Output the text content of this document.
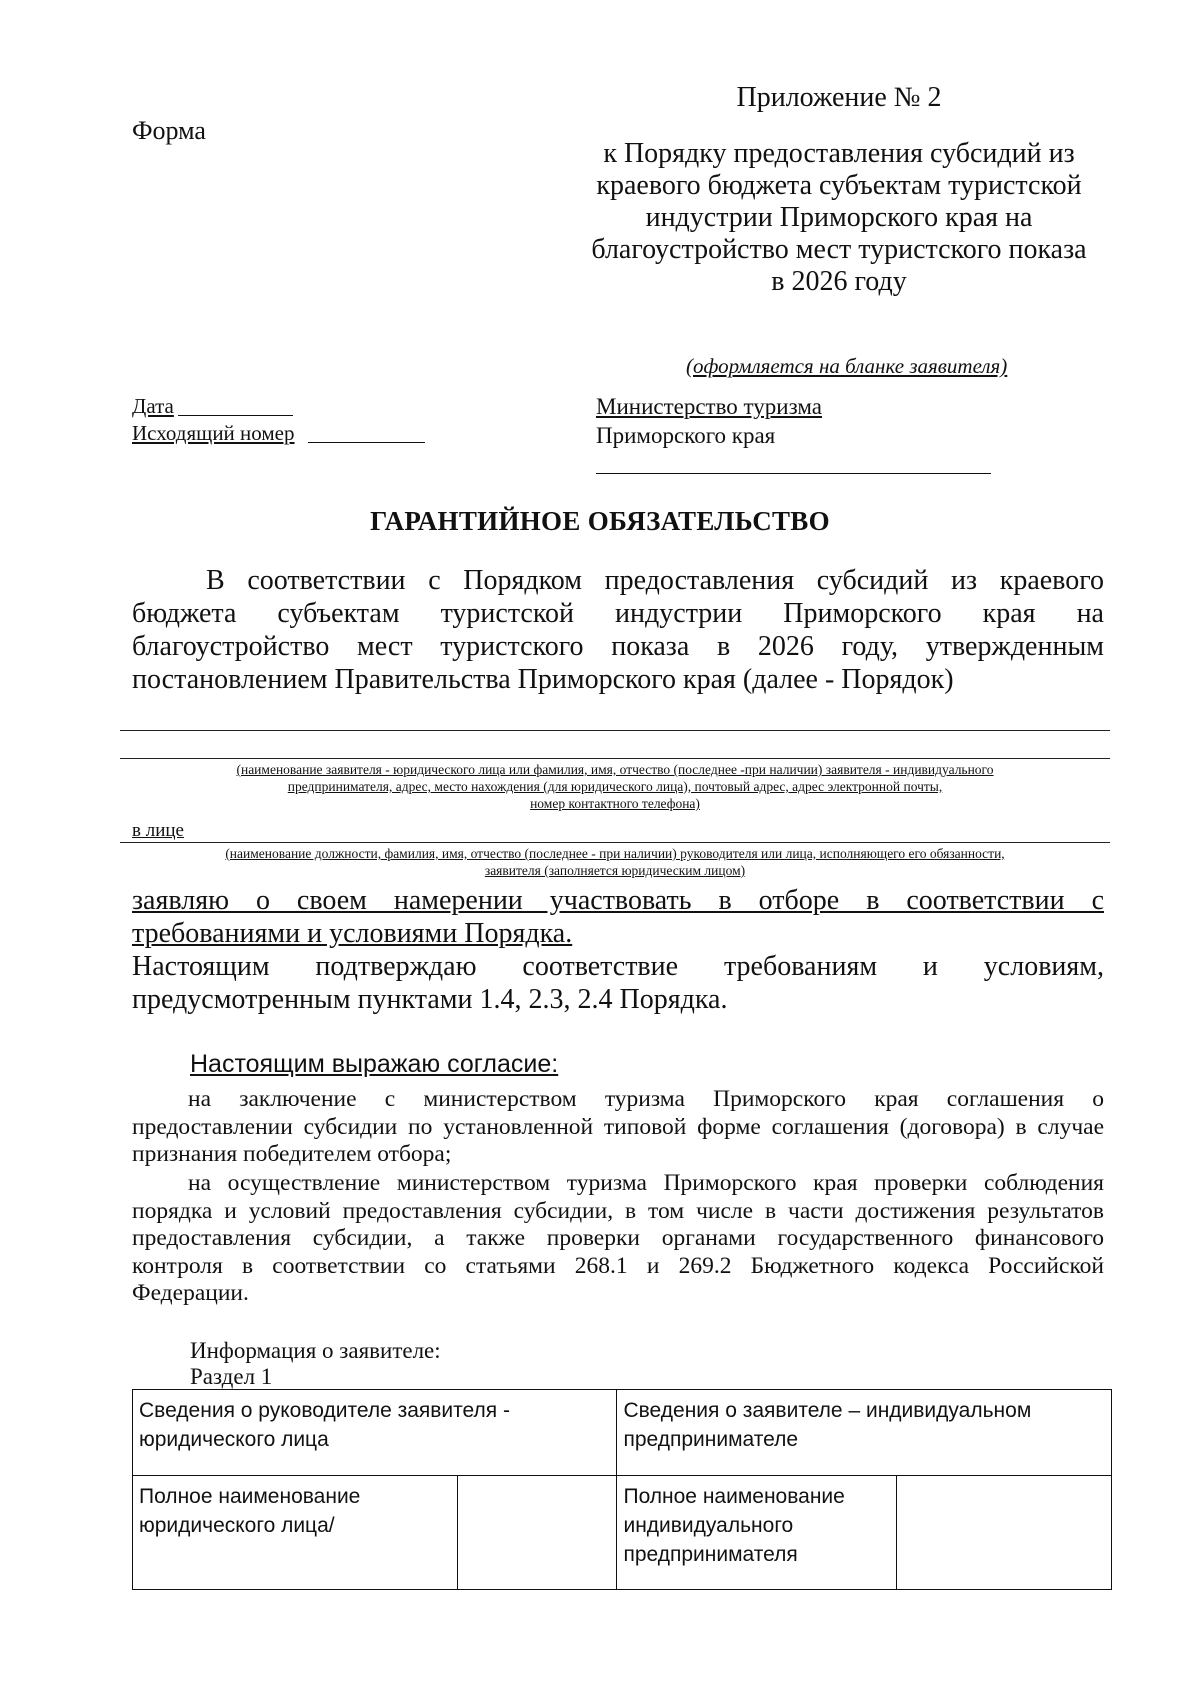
Форма
Приложение № 2
к Порядку предоставления субсидий из
краевого бюджета субъектам туристской
индустрии Приморского края на
благоустройство мест туристского показа
в 2026 году
(оформляется на бланке заявителя)
Дата
Исходящий номер
Министерство туризма
Приморского края
ГАРАНТИЙНОЕ ОБЯЗАТЕЛЬСТВО
В соответствии с Порядком предоставления субсидий из краевого
бюджета субъектам туристской индустрии Приморского края на
благоустройство мест туристского показа в 2026 году, утвержденным
постановлением Правительства Приморского края (далее - Порядок)
(наименование заявителя - юридического лица или фамилия, имя, отчество (последнее -при наличии) заявителя - индивидуального
предпринимателя, адрес, место нахождения (для юридического лица), почтовый адрес, адрес электронной почты,
номер контактного телефона)
в лице
(наименование должности, фамилия, имя, отчество (последнее - при наличии) руководителя или лица, исполняющего его обязанности,
заявителя (заполняется юридическим лицом)
заявляю о своем намерении участвовать в отборе в соответствии с
требованиями и условиями Порядка.
Настоящим подтверждаю соответствие требованиям и условиям,
предусмотренным пунктами 1.4, 2.3, 2.4 Порядка.
Настоящим выражаю согласие:
на заключение с министерством туризма Приморского края соглашения о
предоставлении субсидии по установленной типовой форме соглашения (договора) в случае
признания победителем отбора;
на осуществление министерством туризма Приморского края проверки соблюдения
порядка и условий предоставления субсидии, в том числе в части достижения результатов
предоставления субсидии, а также проверки органами государственного финансового
контроля в соответствии со статьями 268.1 и 269.2 Бюджетного кодекса Российской
Федерации.
Информация о заявителе:
Раздел 1
Сведения о руководителе заявителя - юридического лица		Сведения о заявителе – индивидуальном предпринимателе	
Полное наименование юридического лица/		Полное наименование индивидуального предпринимателя	
